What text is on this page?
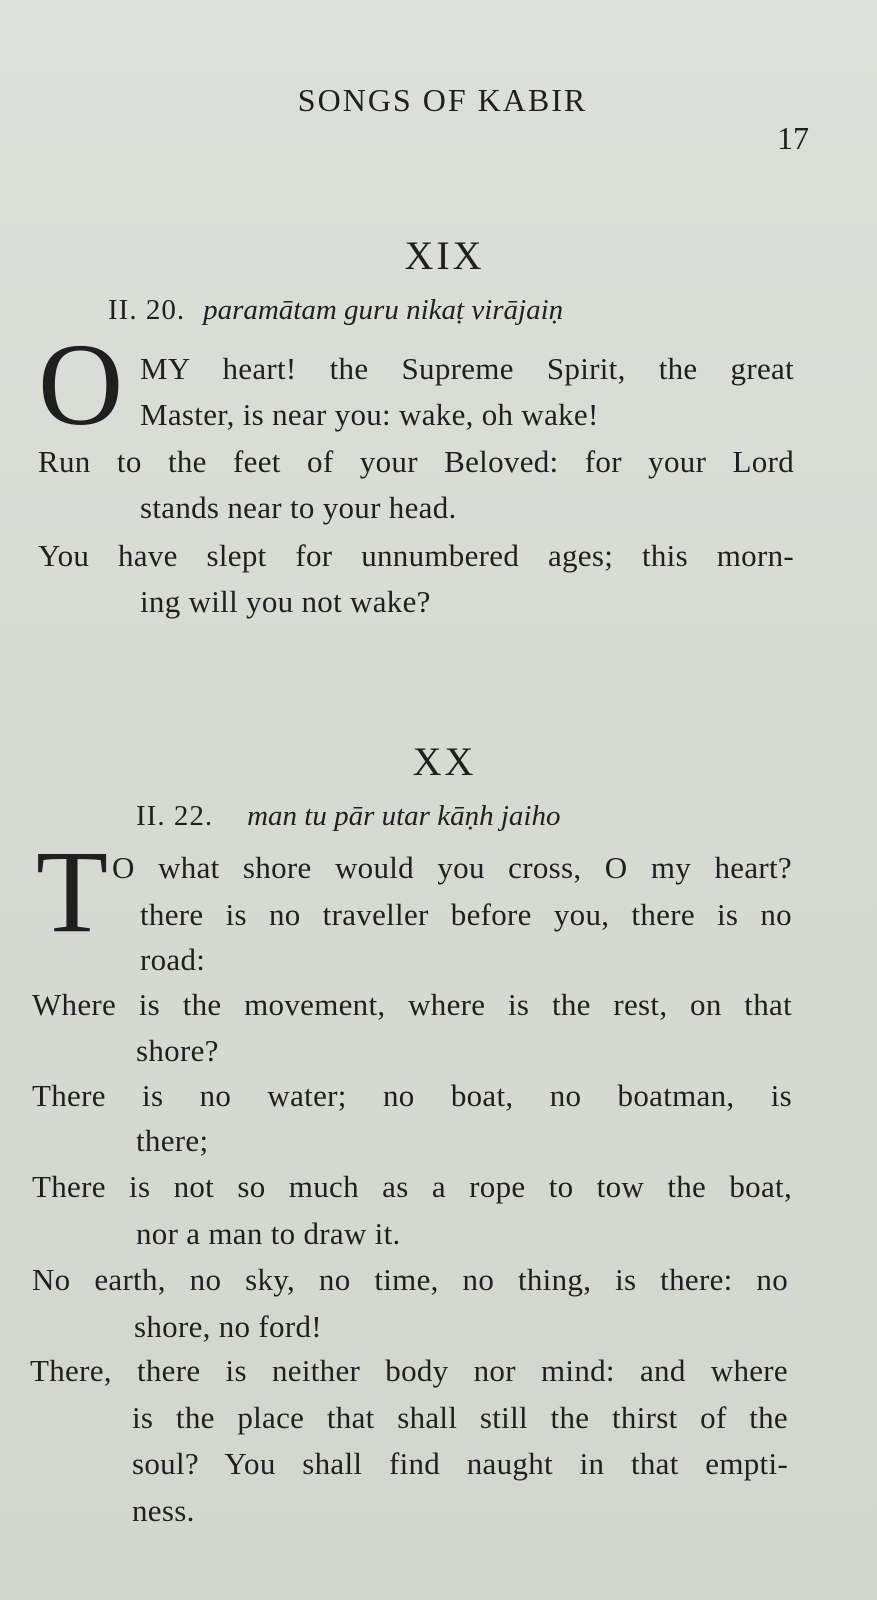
SONGS OF KABIR
17
XIX
II. 20. paramātam guru nikaṭ virājaiṇ
O MY heart! the Supreme Spirit, the great
Master, is near you: wake, oh wake!
Run to the feet of your Beloved: for your Lord
stands near to your head.
You have slept for unnumbered ages; this morn-
ing will you not wake?
XX
II. 22. man tu pār utar kāṇh jaiho
T O what shore would you cross, O my heart?
there is no traveller before you, there is no
road:
Where is the movement, where is the rest, on that
shore?
There is no water; no boat, no boatman, is
there;
There is not so much as a rope to tow the boat,
nor a man to draw it.
No earth, no sky, no time, no thing, is there: no
shore, no ford!
There, there is neither body nor mind: and where
is the place that shall still the thirst of the
soul? You shall find naught in that empti-
ness.
